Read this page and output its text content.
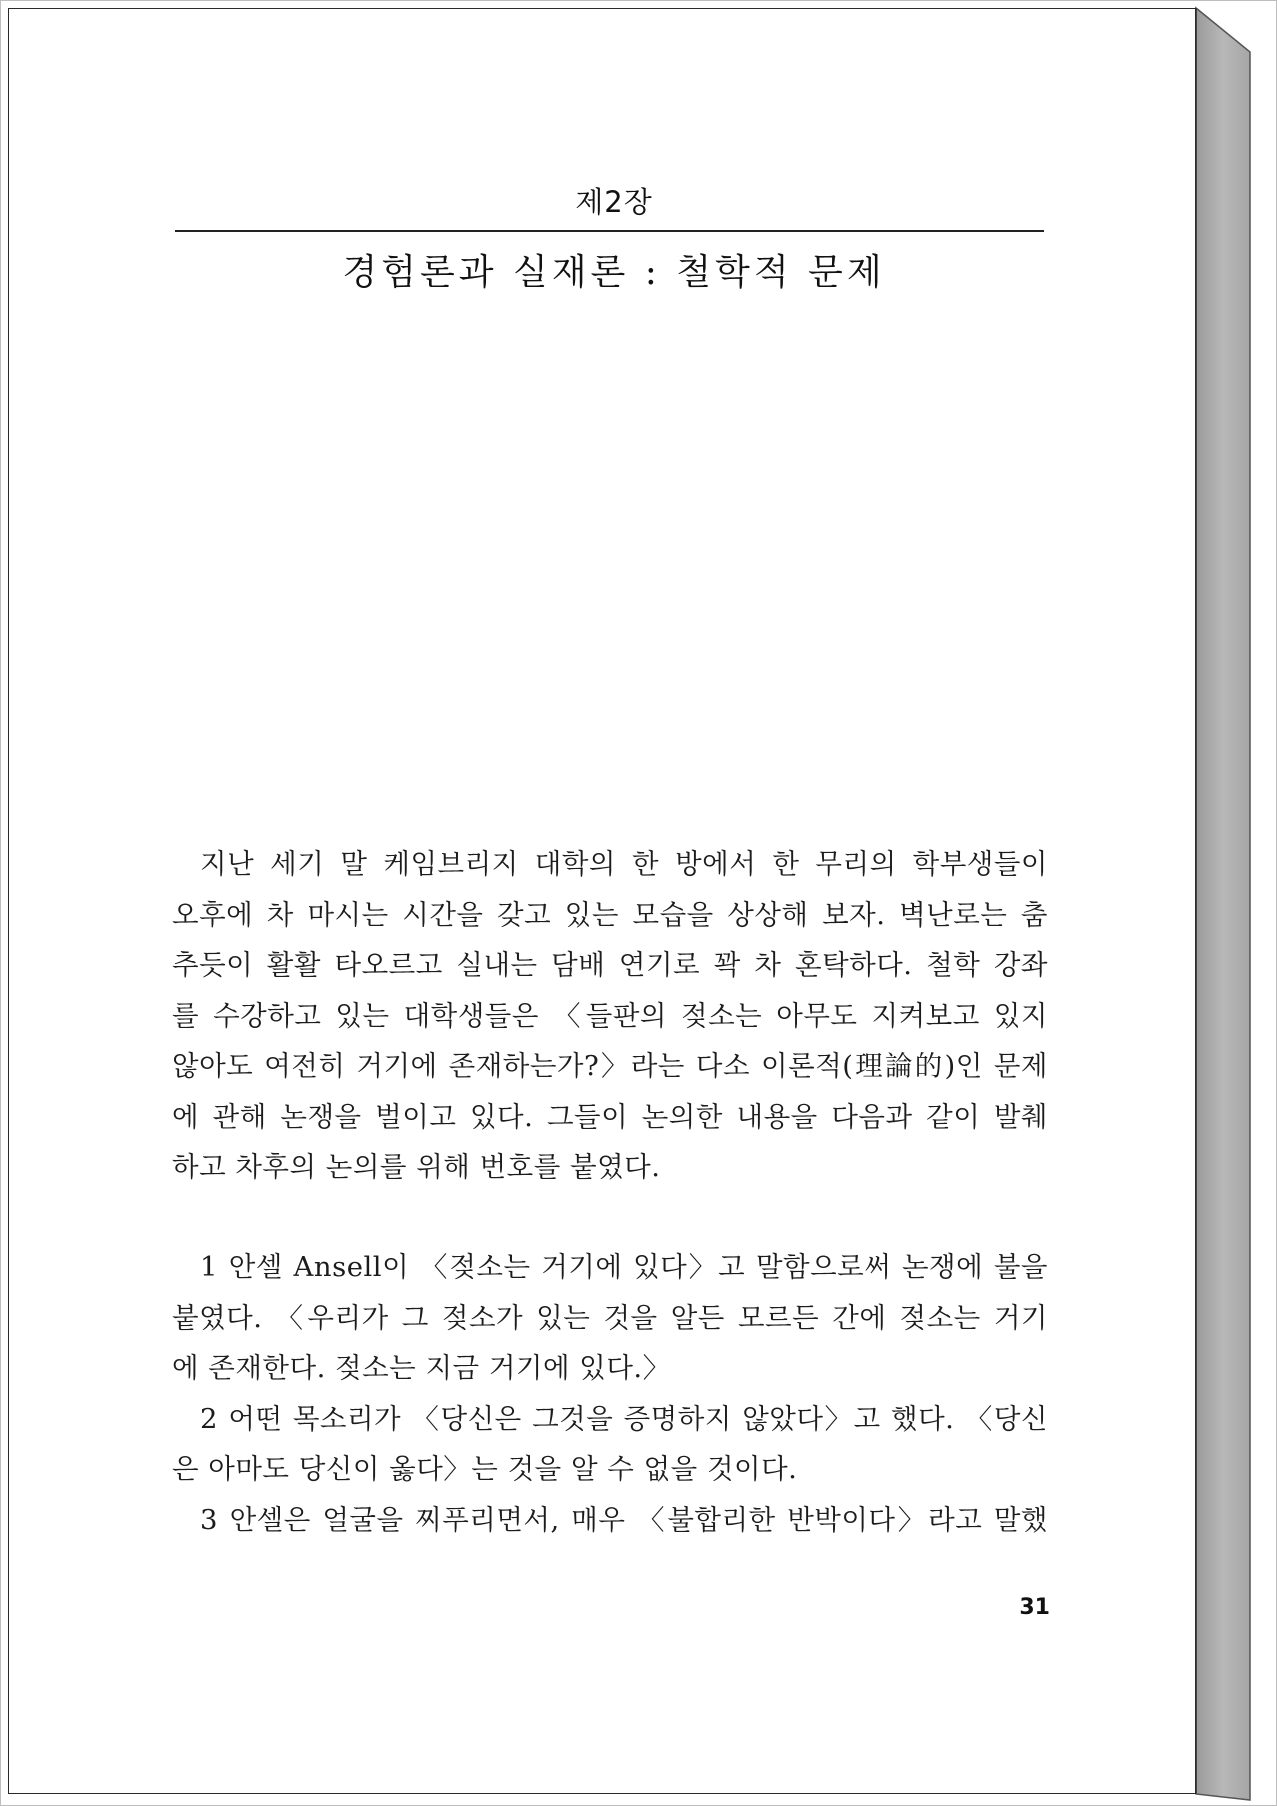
제2장
경험론과 실재론 : 철학적 문제
지난 세기 말 케임브리지 대학의 한 방에서 한 무리의 학부생들이
오후에 차 마시는 시간을 갖고 있는 모습을 상상해 보자. 벽난로는 춤
추듯이 활활 타오르고 실내는 담배 연기로 꽉 차 혼탁하다. 철학 강좌
를 수강하고 있는 대학생들은 〈들판의 젖소는 아무도 지켜보고 있지
않아도 여전히 거기에 존재하는가?〉라는 다소 이론적(理論的)인 문제
에 관해 논쟁을 벌이고 있다. 그들이 논의한 내용을 다음과 같이 발췌
하고 차후의 논의를 위해 번호를 붙였다.
1 안셀 Ansell이 〈젖소는 거기에 있다〉고 말함으로써 논쟁에 불을
붙였다. 〈우리가 그 젖소가 있는 것을 알든 모르든 간에 젖소는 거기
에 존재한다. 젖소는 지금 거기에 있다.〉
2 어떤 목소리가 〈당신은 그것을 증명하지 않았다〉고 했다. 〈당신
은 아마도 당신이 옳다〉는 것을 알 수 없을 것이다.
3 안셀은 얼굴을 찌푸리면서, 매우 〈불합리한 반박이다〉라고 말했
31
